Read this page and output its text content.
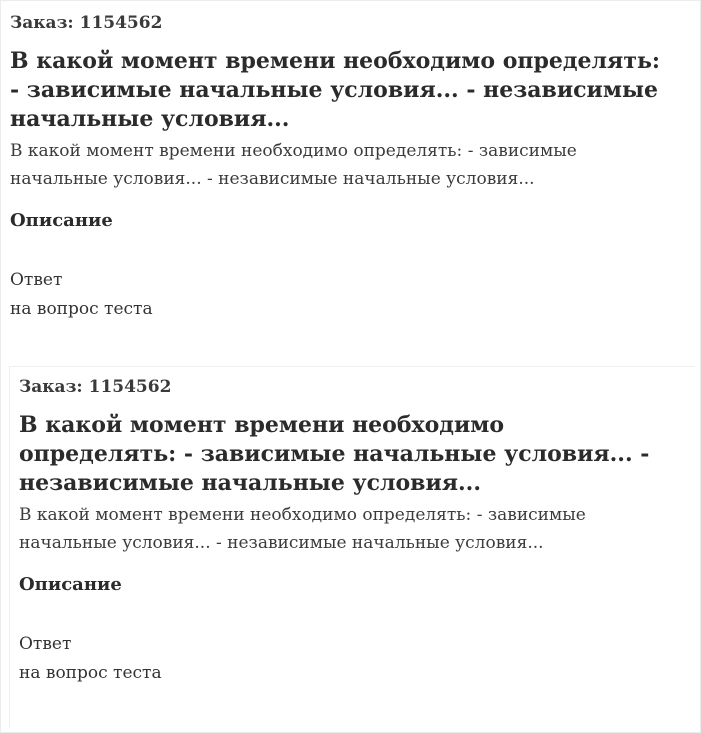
Заказ: 1154562
В какой момент времени необходимо определять: - зависимые начальные условия... - независимые начальные условия...
В какой момент времени необходимо определять: - зависимые начальные условия... - независимые начальные условия...
Описание
Ответ
на вопрос теста
Заказ: 1154562
В какой момент времени необходимо определять: - зависимые начальные условия... - независимые начальные условия...
В какой момент времени необходимо определять: - зависимые начальные условия... - независимые начальные условия...
Описание
Ответ
на вопрос теста
